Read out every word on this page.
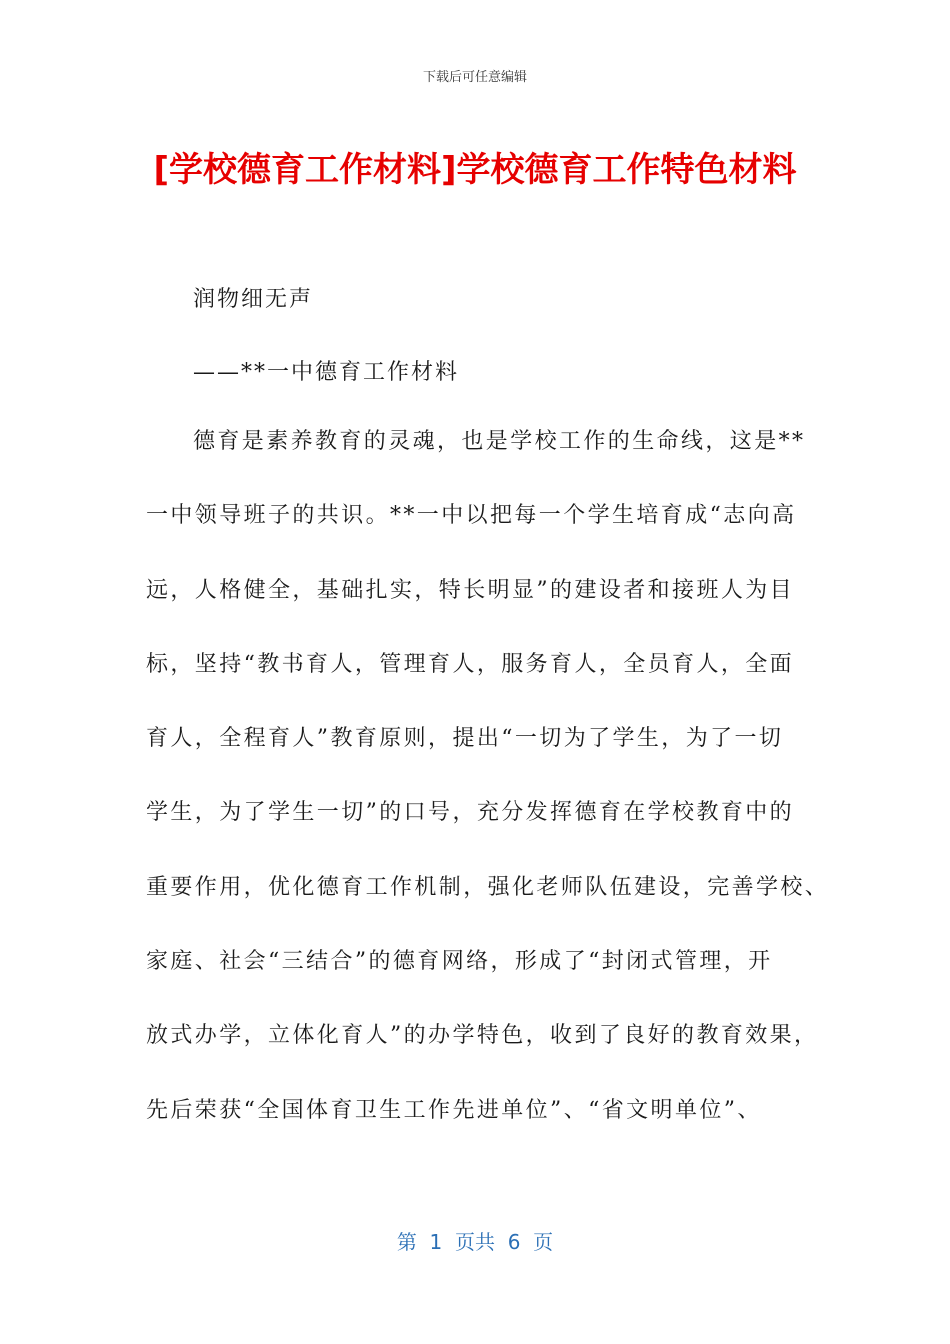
下载后可任意编辑
[学校德育工作材料]学校德育工作特色材料
润物细无声
——**一中德育工作材料
德育是素养教育的灵魂，也是学校工作的生命线，这是**
一中领导班子的共识。**一中以把每一个学生培育成“志向高
远，人格健全，基础扎实，特长明显”的建设者和接班人为目
标，坚持“教书育人，管理育人，服务育人，全员育人，全面
育人，全程育人”教育原则，提出“一切为了学生，为了一切
学生，为了学生一切”的口号，充分发挥德育在学校教育中的
重要作用，优化德育工作机制，强化老师队伍建设，完善学校、
家庭、社会“三结合”的德育网络，形成了“封闭式管理，开
放式办学，立体化育人”的办学特色，收到了良好的教育效果，
先后荣获“全国体育卫生工作先进单位”、“省文明单位”、
第  1  页共  6  页
